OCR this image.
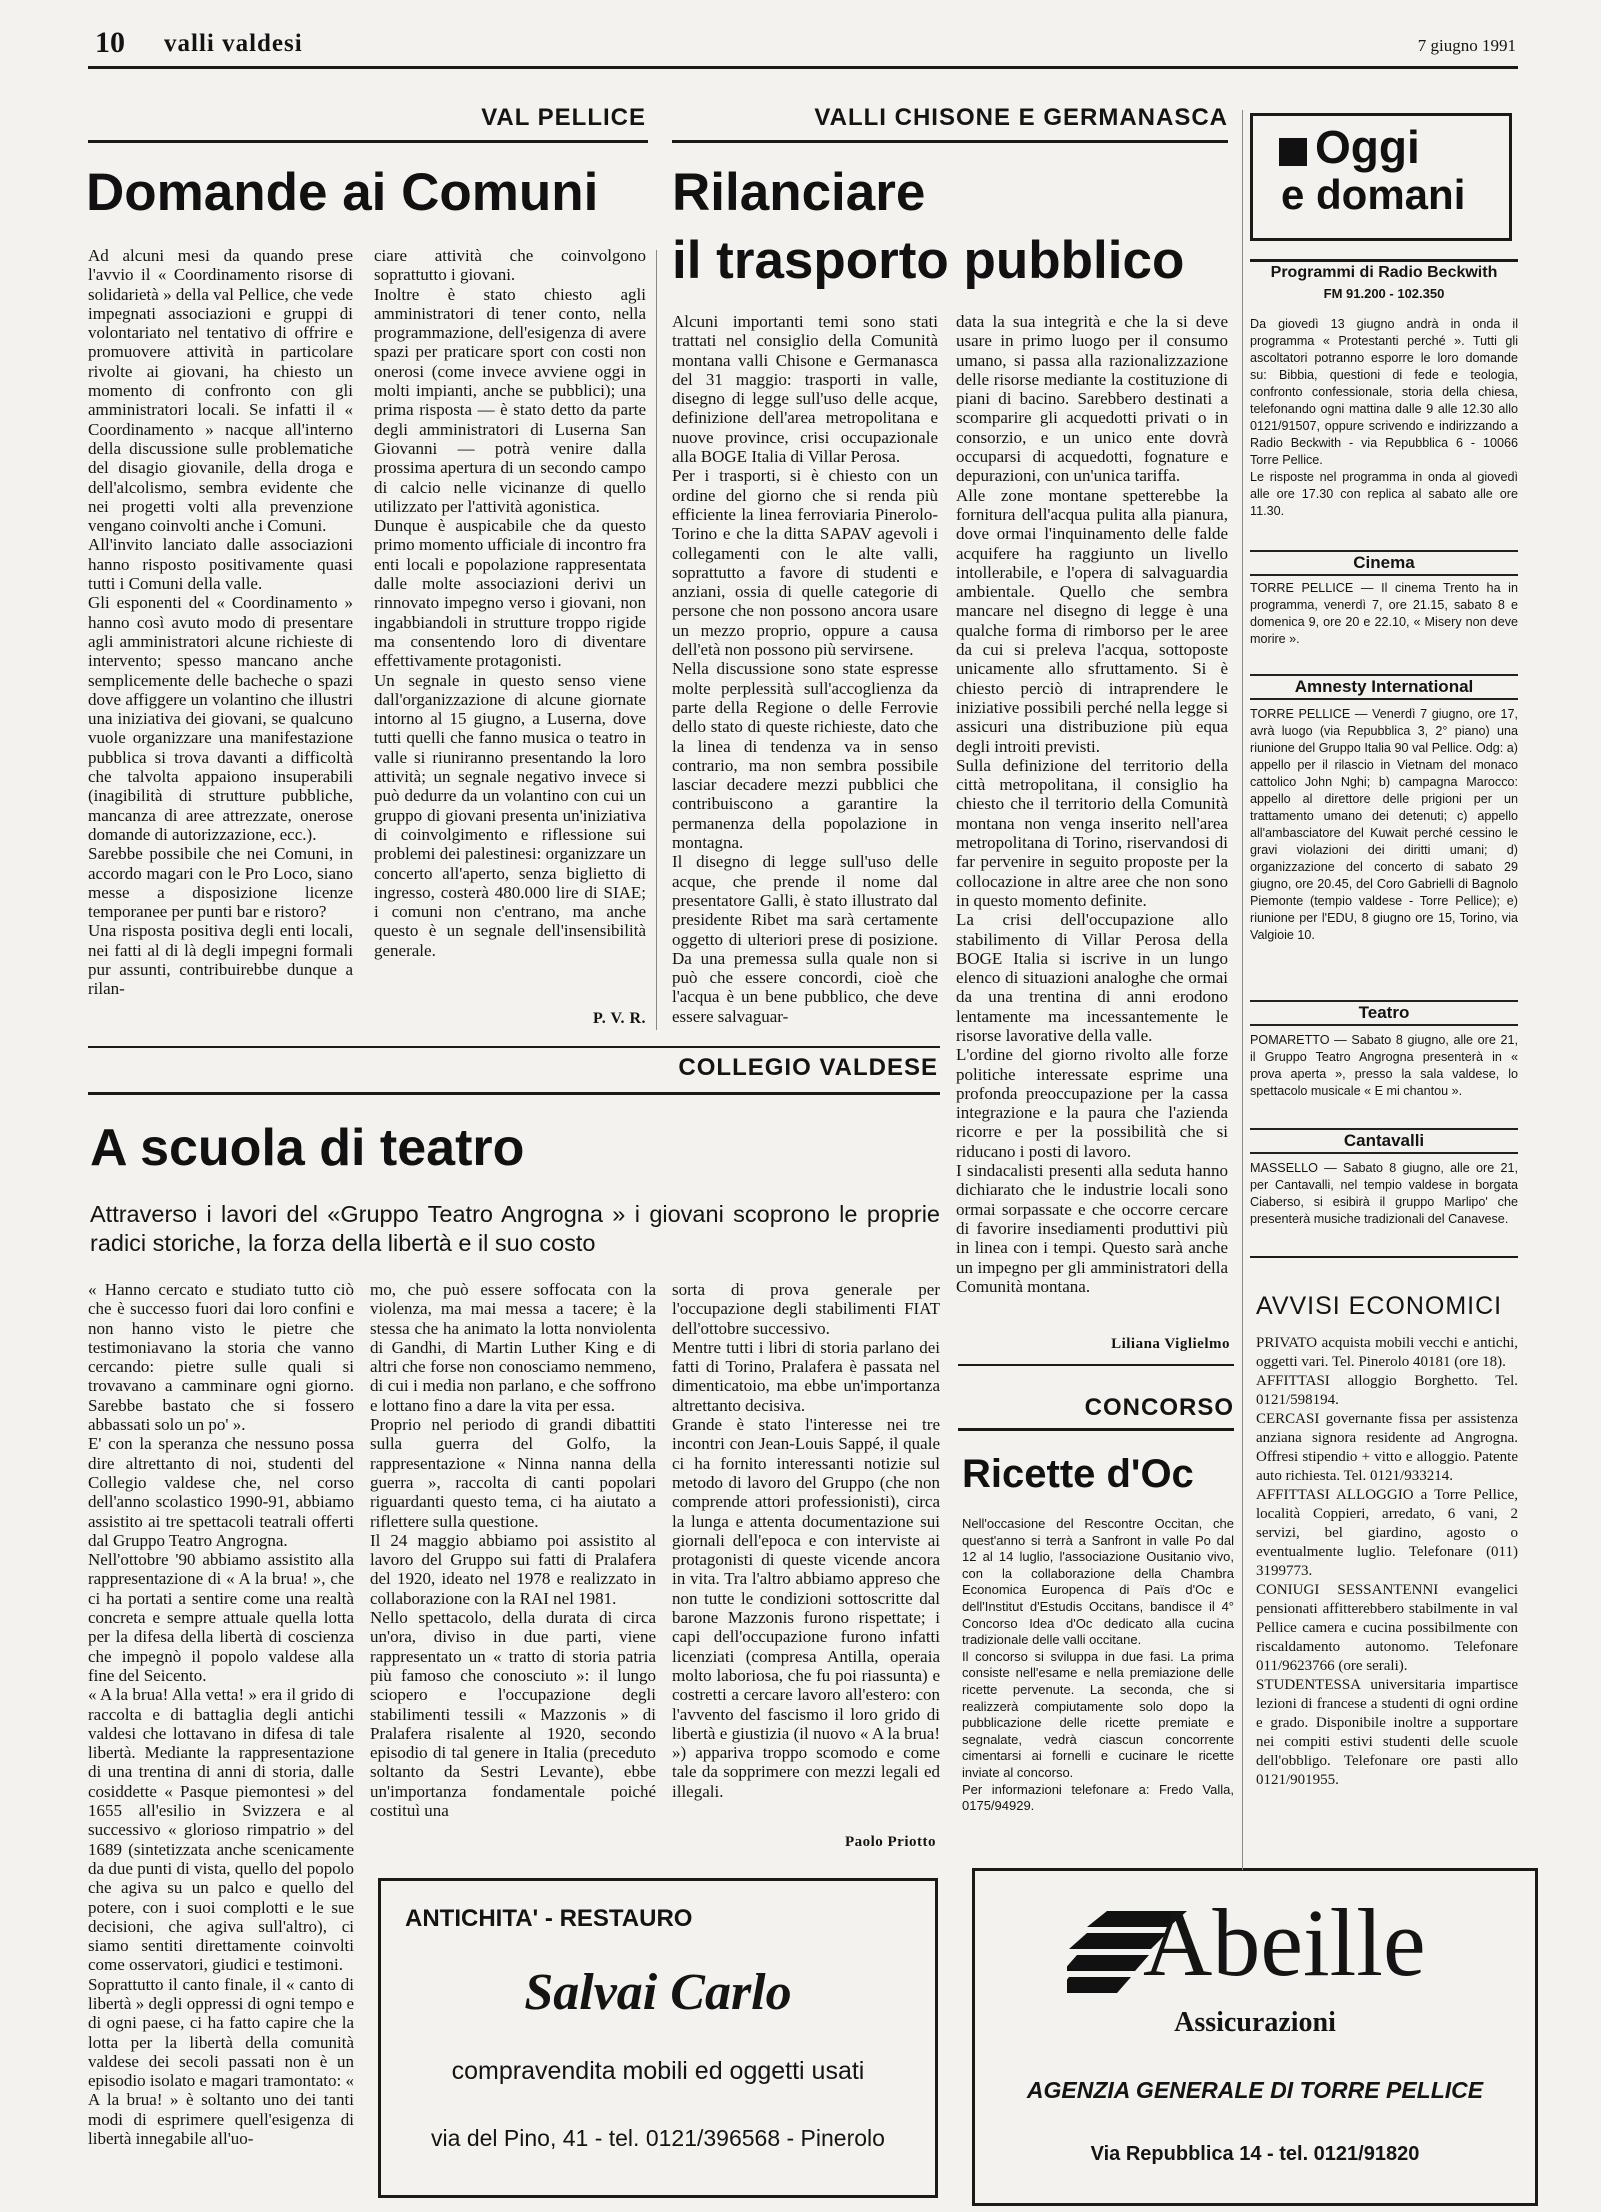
10 valli valdesi	7 giugno 1991
VAL PELLICE
Domande ai Comuni
Ad alcuni mesi da quando prese l'avvio il « Coordinamento risorse di solidarietà » della val Pellice, che vede impegnati associazioni e gruppi di volontariato nel tentativo di offrire e promuovere attività in particolare rivolte ai giovani, ha chiesto un momento di confronto con gli amministratori locali. Se infatti il « Coordinamento » nacque all'interno della discussione sulle problematiche del disagio giovanile, della droga e dell'alcolismo, sembra evidente che nei progetti volti alla prevenzione vengano coinvolti anche i Comuni.
All'invito lanciato dalle associazioni hanno risposto positivamente quasi tutti i Comuni della valle.
Gli esponenti del « Coordinamento » hanno così avuto modo di presentare agli amministratori alcune richieste di intervento; spesso mancano anche semplicemente delle bacheche o spazi dove affiggere un volantino che illustri una iniziativa dei giovani, se qualcuno vuole organizzare una manifestazione pubblica si trova davanti a difficoltà che talvolta appaiono insuperabili (inagibilità di strutture pubbliche, mancanza di aree attrezzate, onerose domande di autorizzazione, ecc.).
Sarebbe possibile che nei Comuni, in accordo magari con le Pro Loco, siano messe a disposizione licenze temporanee per punti bar e ristoro?
Una risposta positiva degli enti locali, nei fatti al di là degli impegni formali pur assunti, contribuirebbe dunque a rilan-
ciare attività che coinvolgono soprattutto i giovani.
Inoltre è stato chiesto agli amministratori di tener conto, nella programmazione, dell'esigenza di avere spazi per praticare sport con costi non onerosi (come invece avviene oggi in molti impianti, anche se pubblici); una prima risposta — è stato detto da parte degli amministratori di Luserna San Giovanni — potrà venire dalla prossima apertura di un secondo campo di calcio nelle vicinanze di quello utilizzato per l'attività agonistica.
Dunque è auspicabile che da questo primo momento ufficiale di incontro fra enti locali e popolazione rappresentata dalle molte associazioni derivi un rinnovato impegno verso i giovani, non ingabbiandoli in strutture troppo rigide ma consentendo loro di diventare effettivamente protagonisti.
Un segnale in questo senso viene dall'organizzazione di alcune giornate intorno al 15 giugno, a Luserna, dove tutti quelli che fanno musica o teatro in valle si riuniranno presentando la loro attività; un segnale negativo invece si può dedurre da un volantino con cui un gruppo di giovani presenta un'iniziativa di coinvolgimento e riflessione sui problemi dei palestinesi: organizzare un concerto all'aperto, senza biglietto di ingresso, costerà 480.000 lire di SIAE; i comuni non c'entrano, ma anche questo è un segnale dell'insensibilità generale.
P. V. R.
VALLI CHISONE E GERMANASCA
Rilanciare
il trasporto pubblico
Alcuni importanti temi sono stati trattati nel consiglio della Comunità montana valli Chisone e Germanasca del 31 maggio: trasporti in valle, disegno di legge sull'uso delle acque, definizione dell'area metropolitana e nuove province, crisi occupazionale alla BOGE Italia di Villar Perosa.
Per i trasporti, si è chiesto con un ordine del giorno che si renda più efficiente la linea ferroviaria Pinerolo-Torino e che la ditta SAPAV agevoli i collegamenti con le alte valli, soprattutto a favore di studenti e anziani, ossia di quelle categorie di persone che non possono ancora usare un mezzo proprio, oppure a causa dell'età non possono più servirsene.
Nella discussione sono state espresse molte perplessità sull'accoglienza da parte della Regione o delle Ferrovie dello stato di queste richieste, dato che la linea di tendenza va in senso contrario, ma non sembra possibile lasciar decadere mezzi pubblici che contribuiscono a garantire la permanenza della popolazione in montagna.
Il disegno di legge sull'uso delle acque, che prende il nome dal presentatore Galli, è stato illustrato dal presidente Ribet ma sarà certamente oggetto di ulteriori prese di posizione. Da una premessa sulla quale non si può che essere concordi, cioè che l'acqua è un bene pubblico, che deve essere salvaguar-
data la sua integrità e che la si deve usare in primo luogo per il consumo umano, si passa alla razionalizzazione delle risorse mediante la costituzione di piani di bacino. Sarebbero destinati a scomparire gli acquedotti privati o in consorzio, e un unico ente dovrà occuparsi di acquedotti, fognature e depurazioni, con un'unica tariffa.
Alle zone montane spetterebbe la fornitura dell'acqua pulita alla pianura, dove ormai l'inquinamento delle falde acquifere ha raggiunto un livello intollerabile, e l'opera di salvaguardia ambientale. Quello che sembra mancare nel disegno di legge è una qualche forma di rimborso per le aree da cui si preleva l'acqua, sottoposte unicamente allo sfruttamento. Si è chiesto perciò di intraprendere le iniziative possibili perché nella legge si assicuri una distribuzione più equa degli introiti previsti.
Sulla definizione del territorio della città metropolitana, il consiglio ha chiesto che il territorio della Comunità montana non venga inserito nell'area metropolitana di Torino, riservandosi di far pervenire in seguito proposte per la collocazione in altre aree che non sono in questo momento definite.
La crisi dell'occupazione allo stabilimento di Villar Perosa della BOGE Italia si iscrive in un lungo elenco di situazioni analoghe che ormai da una trentina di anni erodono lentamente ma incessantemente le risorse lavorative della valle.
L'ordine del giorno rivolto alle forze politiche interessate esprime una profonda preoccupazione per la cassa integrazione e la paura che l'azienda ricorre e per la possibilità che si riducano i posti di lavoro.
I sindacalisti presenti alla seduta hanno dichiarato che le industrie locali sono ormai sorpassate e che occorre cercare di favorire insediamenti produttivi più in linea con i tempi. Questo sarà anche un impegno per gli amministratori della Comunità montana.
Liliana Viglielmo
COLLEGIO VALDESE
A scuola di teatro
Attraverso i lavori del «Gruppo Teatro Angrogna » i giovani scoprono le proprie radici storiche, la forza della libertà e il suo costo
« Hanno cercato e studiato tutto ciò che è successo fuori dai loro confini e non hanno visto le pietre che testimoniavano la storia che vanno cercando: pietre sulle quali si trovavano a camminare ogni giorno. Sarebbe bastato che si fossero abbassati solo un po' ».
E' con la speranza che nessuno possa dire altrettanto di noi, studenti del Collegio valdese che, nel corso dell'anno scolastico 1990-91, abbiamo assistito ai tre spettacoli teatrali offerti dal Gruppo Teatro Angrogna.
Nell'ottobre '90 abbiamo assistito alla rappresentazione di « A la brua! », che ci ha portati a sentire come una realtà concreta e sempre attuale quella lotta per la difesa della libertà di coscienza che impegnò il popolo valdese alla fine del Seicento.
« A la brua! Alla vetta! » era il grido di raccolta e di battaglia degli antichi valdesi che lottavano in difesa di tale libertà. Mediante la rappresentazione di una trentina di anni di storia, dalle cosiddette « Pasque piemontesi » del 1655 all'esilio in Svizzera e al successivo « glorioso rimpatrio » del 1689 (sintetizzata anche scenicamente da due punti di vista, quello del popolo che agiva su un palco e quello del potere, con i suoi complotti e le sue decisioni, che agiva sull'altro), ci siamo sentiti direttamente coinvolti come osservatori, giudici e testimoni.
Soprattutto il canto finale, il « canto di libertà » degli oppressi di ogni tempo e di ogni paese, ci ha fatto capire che la lotta per la libertà della comunità valdese dei secoli passati non è un episodio isolato e magari tramontato: « A la brua! » è soltanto uno dei tanti modi di esprimere quell'esigenza di libertà innegabile all'uo-
mo, che può essere soffocata con la violenza, ma mai messa a tacere; è la stessa che ha animato la lotta nonviolenta di Gandhi, di Martin Luther King e di altri che forse non conosciamo nemmeno, di cui i media non parlano, e che soffrono e lottano fino a dare la vita per essa.
Proprio nel periodo di grandi dibattiti sulla guerra del Golfo, la rappresentazione « Ninna nanna della guerra », raccolta di canti popolari riguardanti questo tema, ci ha aiutato a riflettere sulla questione.
Il 24 maggio abbiamo poi assistito al lavoro del Gruppo sui fatti di Pralafera del 1920, ideato nel 1978 e realizzato in collaborazione con la RAI nel 1981.
Nello spettacolo, della durata di circa un'ora, diviso in due parti, viene rappresentato un « tratto di storia patria più famoso che conosciuto »: il lungo sciopero e l'occupazione degli stabilimenti tessili « Mazzonis » di Pralafera risalente al 1920, secondo episodio di tal genere in Italia (preceduto soltanto da Sestri Levante), ebbe un'importanza fondamentale poiché costituì una
sorta di prova generale per l'occupazione degli stabilimenti FIAT dell'ottobre successivo.
Mentre tutti i libri di storia parlano dei fatti di Torino, Pralafera è passata nel dimenticatoio, ma ebbe un'importanza altrettanto decisiva.
Grande è stato l'interesse nei tre incontri con Jean-Louis Sappé, il quale ci ha fornito interessanti notizie sul metodo di lavoro del Gruppo (che non comprende attori professionisti), circa la lunga e attenta documentazione sui giornali dell'epoca e con interviste ai protagonisti di queste vicende ancora in vita. Tra l'altro abbiamo appreso che non tutte le condizioni sottoscritte dal barone Mazzonis furono rispettate; i capi dell'occupazione furono infatti licenziati (compresa Antilla, operaia molto laboriosa, che fu poi riassunta) e costretti a cercare lavoro all'estero: con l'avvento del fascismo il loro grido di libertà e giustizia (il nuovo « A la brua! ») appariva troppo scomodo e come tale da sopprimere con mezzi legali ed illegali.
Paolo Priotto
Oggi
e domani
Programmi di Radio Beckwith
FM 91.200 - 102.350
Da giovedì 13 giugno andrà in onda il programma « Protestanti perché ». Tutti gli ascoltatori potranno esporre le loro domande su: Bibbia, questioni di fede e teologia, confronto confessionale, storia della chiesa, telefonando ogni mattina dalle 9 alle 12.30 allo 0121/91507, oppure scrivendo e indirizzando a Radio Beckwith - via Repubblica 6 - 10066 Torre Pellice.
Le risposte nel programma in onda al giovedì alle ore 17.30 con replica al sabato alle ore 11.30.
Cinema
TORRE PELLICE — Il cinema Trento ha in programma, venerdì 7, ore 21.15, sabato 8 e domenica 9, ore 20 e 22.10, « Misery non deve morire ».
Amnesty International
TORRE PELLICE — Venerdì 7 giugno, ore 17, avrà luogo (via Repubblica 3, 2° piano) una riunione del Gruppo Italia 90 val Pellice. Odg: a) appello per il rilascio in Vietnam del monaco cattolico John Nghi; b) campagna Marocco: appello al direttore delle prigioni per un trattamento umano dei detenuti; c) appello all'ambasciatore del Kuwait perché cessino le gravi violazioni dei diritti umani; d) organizzazione del concerto di sabato 29 giugno, ore 20.45, del Coro Gabrielli di Bagnolo Piemonte (tempio valdese - Torre Pellice); e) riunione per l'EDU, 8 giugno ore 15, Torino, via Valgioie 10.
Teatro
POMARETTO — Sabato 8 giugno, alle ore 21, il Gruppo Teatro Angrogna presenterà in « prova aperta », presso la sala valdese, lo spettacolo musicale « E mi chantou ».
Cantavalli
MASSELLO — Sabato 8 giugno, alle ore 21, per Cantavalli, nel tempio valdese in borgata Ciaberso, si esibirà il gruppo Marlipo' che presenterà musiche tradizionali del Canavese.
AVVISI ECONOMICI
PRIVATO acquista mobili vecchi e antichi, oggetti vari. Tel. Pinerolo 40181 (ore 18).
AFFITTASI alloggio Borghetto. Tel. 0121/598194.
CERCASI governante fissa per assistenza anziana signora residente ad Angrogna. Offresi stipendio + vitto e alloggio. Patente auto richiesta. Tel. 0121/933214.
AFFITTASI ALLOGGIO a Torre Pellice, località Coppieri, arredato, 6 vani, 2 servizi, bel giardino, agosto o eventualmente luglio. Telefonare (011) 3199773.
CONIUGI SESSANTENNI evangelici pensionati affitterebbero stabilmente in val Pellice camera e cucina possibilmente con riscaldamento autonomo. Telefonare 011/9623766 (ore serali).
STUDENTESSA universitaria impartisce lezioni di francese a studenti di ogni ordine e grado. Disponibile inoltre a supportare nei compiti estivi studenti delle scuole dell'obbligo. Telefonare ore pasti allo 0121/901955.
CONCORSO
Ricette d'Oc
Nell'occasione del Rescontre Occitan, che quest'anno si terrà a Sanfront in valle Po dal 12 al 14 luglio, l'associazione Ousitanio vivo, con la collaborazione della Chambra Economica Europenca di Païs d'Oc e dell'Institut d'Estudis Occitans, bandisce il 4° Concorso Idea d'Oc dedicato alla cucina tradizionale delle valli occitane.
Il concorso si sviluppa in due fasi. La prima consiste nell'esame e nella premiazione delle ricette pervenute. La seconda, che si realizzerà compiutamente solo dopo la pubblicazione delle ricette premiate e segnalate, vedrà ciascun concorrente cimentarsi ai fornelli e cucinare le ricette inviate al concorso.
Per informazioni telefonare a: Fredo Valla, 0175/94929.
ANTICHITA' - RESTAURO
Salvai Carlo
compravendita mobili ed oggetti usati
via del Pino, 41 - tel. 0121/396568 - Pinerolo
Abeille
Assicurazioni
AGENZIA GENERALE DI TORRE PELLICE
Via Repubblica 14 - tel. 0121/91820
